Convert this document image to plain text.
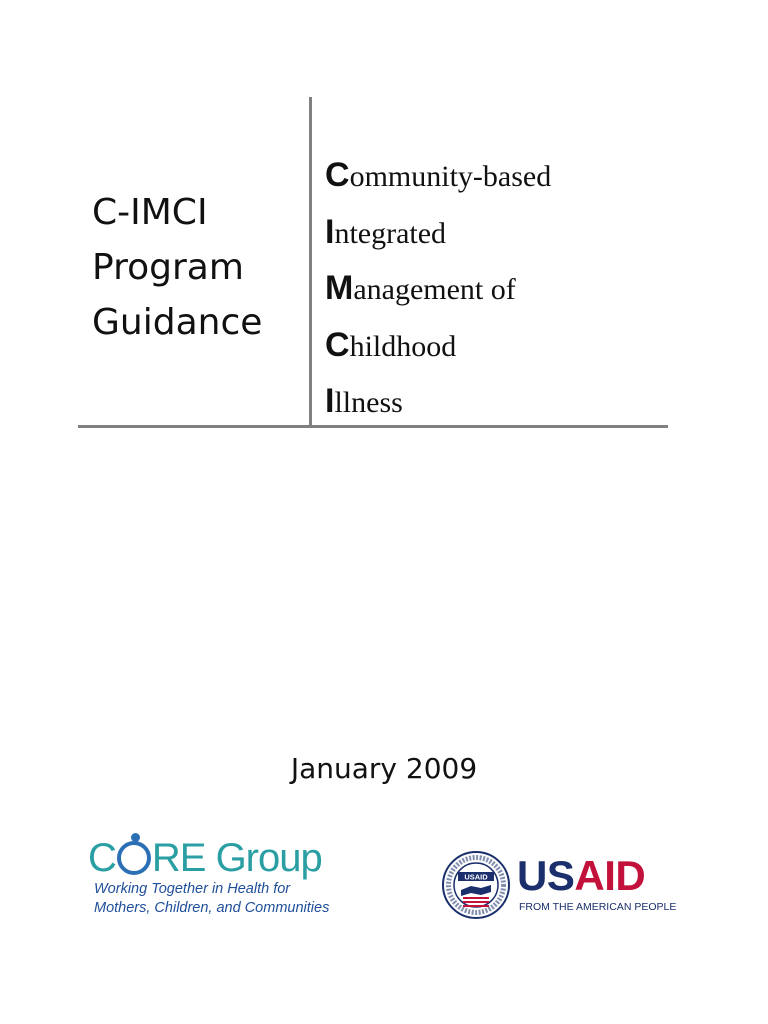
C-IMCI
Program
Guidance
Community-based
Integrated
Management of
Childhood
Illness
January 2009
C RE Group
Working Together in Health for
Mothers, Children, and Communities
USAID USAID
FROM THE AMERICAN PEOPLE
